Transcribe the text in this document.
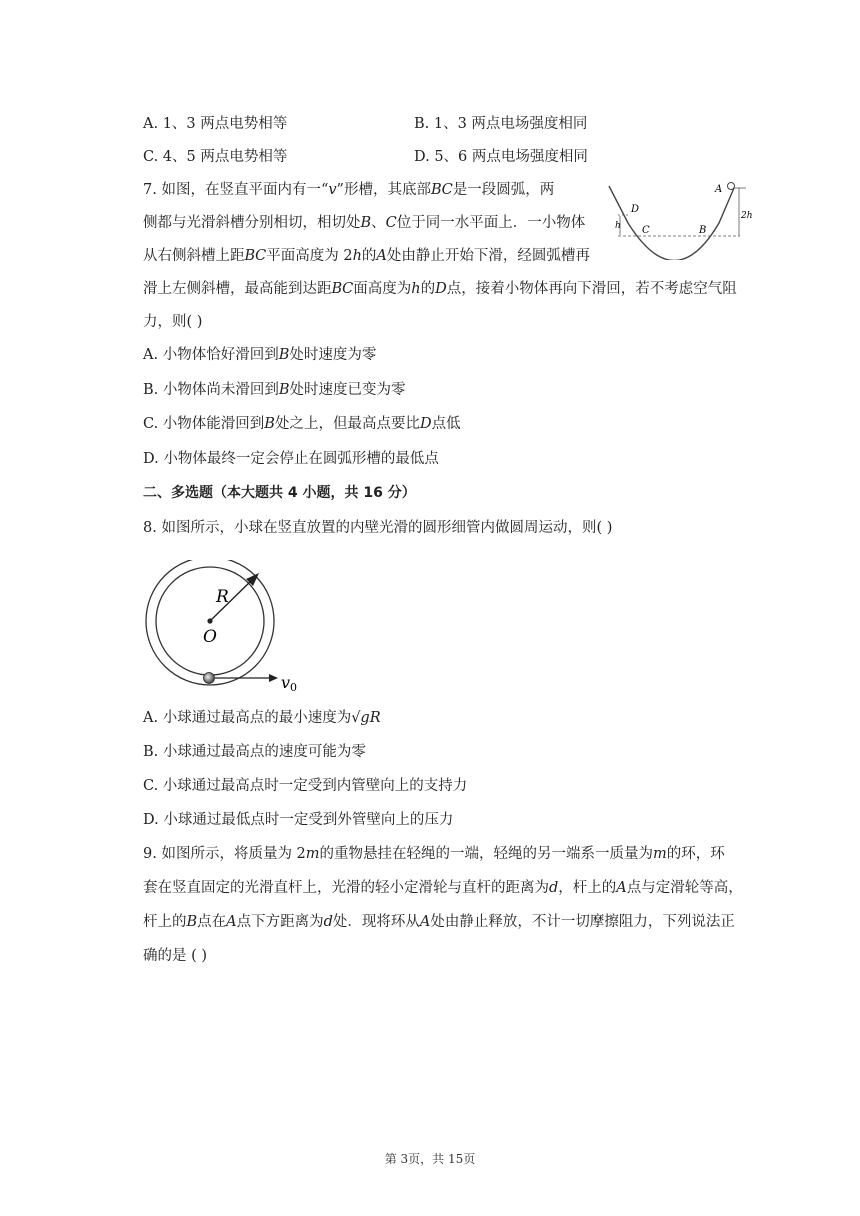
A. 1、3 两点电势相等	B. 1、3 两点电场强度相同
C. 4、5 两点电势相等	D. 5、6 两点电场强度相同
7. 如图，在竖直平面内有一“𝑣”形槽，其底部𝐵𝐶是一段圆弧，两
侧都与光滑斜槽分别相切，相切处𝐵、𝐶位于同一水平面上．一小物体
从右侧斜槽上距𝐵𝐶平面高度为 2ℎ的𝐴处由静止开始下滑，经圆弧槽再
滑上左侧斜槽，最高能到达距𝐵𝐶面高度为ℎ的𝐷点，接着小物体再向下滑回，若不考虑空气阻
力，则( )
A
D
C	B
h
2h
A. 小物体恰好滑回到𝐵处时速度为零
B. 小物体尚未滑回到𝐵处时速度已变为零
C. 小物体能滑回到𝐵处之上，但最高点要比𝐷点低
D. 小物体最终一定会停止在圆弧形槽的最低点
二、多选题（本大题共 4 小题，共 16 分）
8. 如图所示，小球在竖直放置的内壁光滑的圆形细管内做圆周运动，则( )
R
O
v0
A. 小球通过最高点的最小速度为√𝑔𝑅
B. 小球通过最高点的速度可能为零
C. 小球通过最高点时一定受到内管壁向上的支持力
D. 小球通过最低点时一定受到外管壁向上的压力
9. 如图所示，将质量为 2𝑚的重物悬挂在轻绳的一端，轻绳的另一端系一质量为𝑚的环，环
套在竖直固定的光滑直杆上，光滑的轻小定滑轮与直杆的距离为𝑑，杆上的𝐴点与定滑轮等高，
杆上的𝐵点在𝐴点下方距离为𝑑处．现将环从𝐴处由静止释放，不计一切摩擦阻力，下列说法正
确的是 ( )
第 3页，共 15页
